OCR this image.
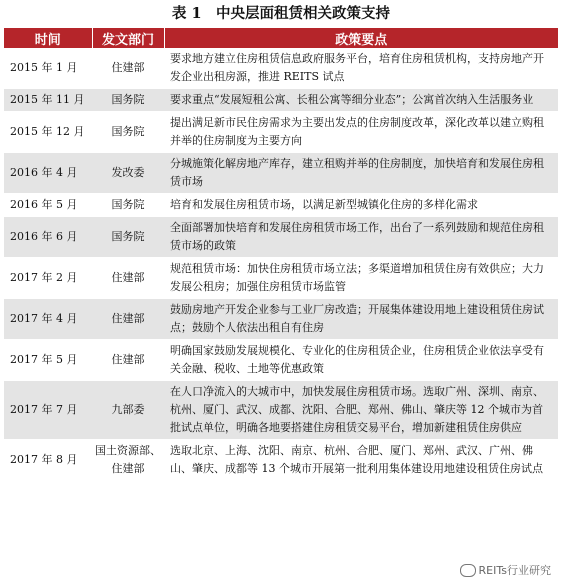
表 1　中央层面租赁相关政策支持
时间	发文部门	政策要点
2015 年 1 月	住建部	要求地方建立住房租赁信息政府服务平台，培育住房租赁机构，支持房地产开发企业出租房源，推进 REITS 试点
2015 年 11 月	国务院	要求重点“发展短租公寓、长租公寓等细分业态”；公寓首次纳入生活服务业
2015 年 12 月	国务院	提出满足新市民住房需求为主要出发点的住房制度改革，深化改革以建立购租并举的住房制度为主要方向
2016 年 4 月	发改委	分城施策化解房地产库存，建立租购并举的住房制度，加快培育和发展住房租赁市场
2016 年 5 月	国务院	培育和发展住房租赁市场，以满足新型城镇化住房的多样化需求
2016 年 6 月	国务院	全面部署加快培育和发展住房租赁市场工作，出台了一系列鼓励和规范住房租赁市场的政策
2017 年 2 月	住建部	规范租赁市场：加快住房租赁市场立法；多渠道增加租赁住房有效供应；大力发展公租房；加强住房租赁市场监管
2017 年 4 月	住建部	鼓励房地产开发企业参与工业厂房改造；开展集体建设用地上建设租赁住房试点；鼓励个人依法出租自有住房
2017 年 5 月	住建部	明确国家鼓励发展规模化、专业化的住房租赁企业，住房租赁企业依法享受有关金融、税收、土地等优惠政策
2017 年 7 月	九部委	在人口净流入的大城市中，加快发展住房租赁市场。选取广州、深圳、南京、杭州、厦门、武汉、成都、沈阳、合肥、郑州、佛山、肇庆等 12 个城市为首批试点单位，明确各地要搭建住房租赁交易平台，增加新建租赁住房供应
2017 年 8 月	国土资源部、住建部	选取北京、上海、沈阳、南京、杭州、合肥、厦门、郑州、武汉、广州、佛山、肇庆、成都等 13 个城市开展第一批利用集体建设用地建设租赁住房试点
REITs行业研究
